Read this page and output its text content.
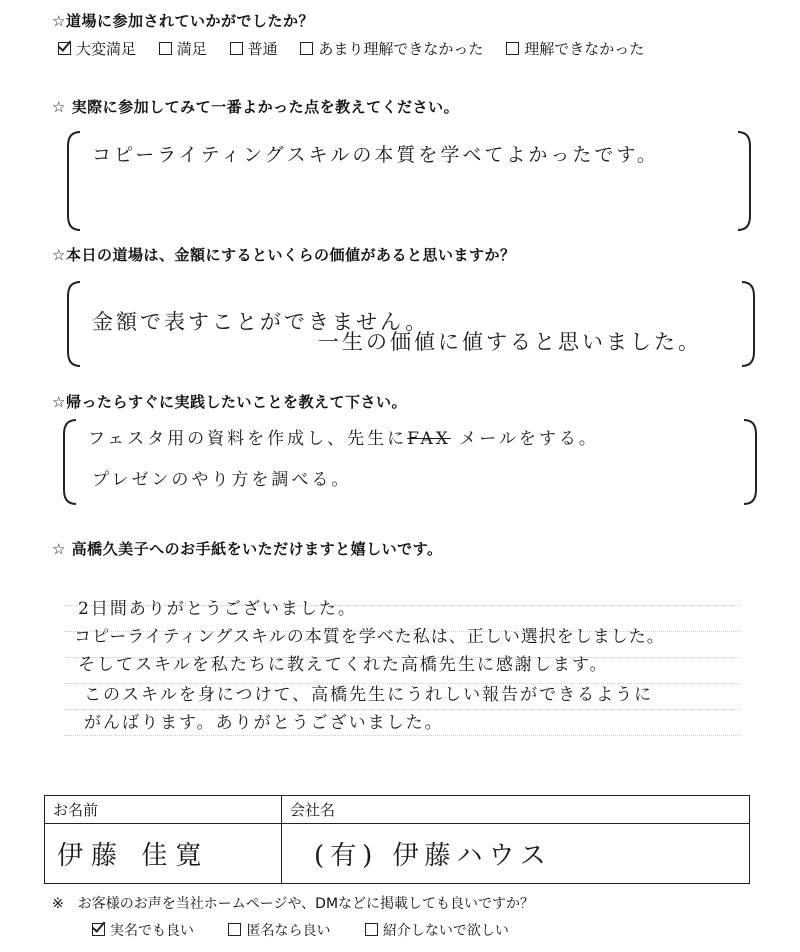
☆道場に参加されていかがでしたか？
大変満足	満足	普通	あまり理解できなかった	理解できなかった
☆ 実際に参加してみて一番よかった点を教えてください。
コピーライティングスキルの本質を学べてよかったです。
☆本日の道場は、金額にするといくらの価値があると思いますか？
金額で表すことができません。
一生の価値に値すると思いました。
☆帰ったらすぐに実践したいことを教えて下さい。
フェスタ用の資料を作成し、先生にFAX メールをする。
プレゼンのやり方を調べる。
☆ 高橋久美子へのお手紙をいただけますと嬉しいです。
2日間ありがとうございました。
コピーライティングスキルの本質を学べた私は、正しい選択をしました。
そしてスキルを私たちに教えてくれた高橋先生に感謝します。
このスキルを身につけて、高橋先生にうれしい報告ができるように
がんばります。ありがとうございました。
お名前	会社名
伊藤 佳寛	(有) 伊藤ハウス
※　お客様のお声を当社ホームページや、DMなどに掲載しても良いですか？
実名でも良い	匿名なら良い	紹介しないで欲しい
